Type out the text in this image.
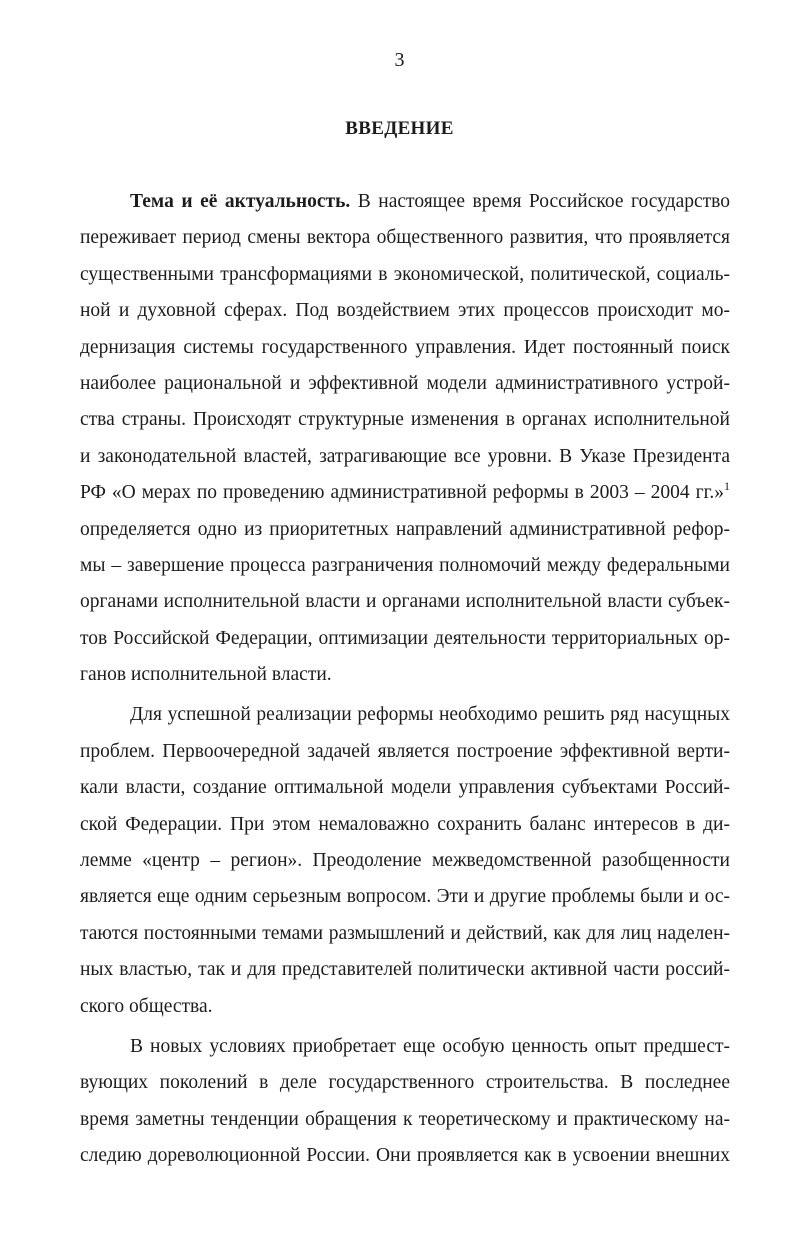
3
ВВЕДЕНИЕ
Тема и её актуальность. В настоящее время Российское государство
переживает период смены вектора общественного развития, что проявляется
существенными трансформациями в экономической, политической, социаль-
ной и духовной сферах. Под воздействием этих процессов происходит мо-
дернизация системы государственного управления. Идет постоянный поиск
наиболее рациональной и эффективной модели административного устрой-
ства страны. Происходят структурные изменения в органах исполнительной
и законодательной властей, затрагивающие все уровни. В Указе Президента
РФ «О мерах по проведению административной реформы в 2003 – 2004 гг.»$^1$
определяется одно из приоритетных направлений административной рефор-
мы – завершение процесса разграничения полномочий между федеральными
органами исполнительной власти и органами исполнительной власти субъек-
тов Российской Федерации, оптимизации деятельности территориальных ор-
ганов исполнительной власти.
Для успешной реализации реформы необходимо решить ряд насущных
проблем. Первоочередной задачей является построение эффективной верти-
кали власти, создание оптимальной модели управления субъектами Россий-
ской Федерации. При этом немаловажно сохранить баланс интересов в ди-
лемме «центр – регион». Преодоление межведомственной разобщенности
является еще одним серьезным вопросом. Эти и другие проблемы были и ос-
таются постоянными темами размышлений и действий, как для лиц наделен-
ных властью, так и для представителей политически активной части россий-
ского общества.
В новых условиях приобретает еще особую ценность опыт предшест-
вующих поколений в деле государственного строительства. В последнее
время заметны тенденции обращения к теоретическому и практическому на-
следию дореволюционной России. Они проявляется как в усвоении внешних
